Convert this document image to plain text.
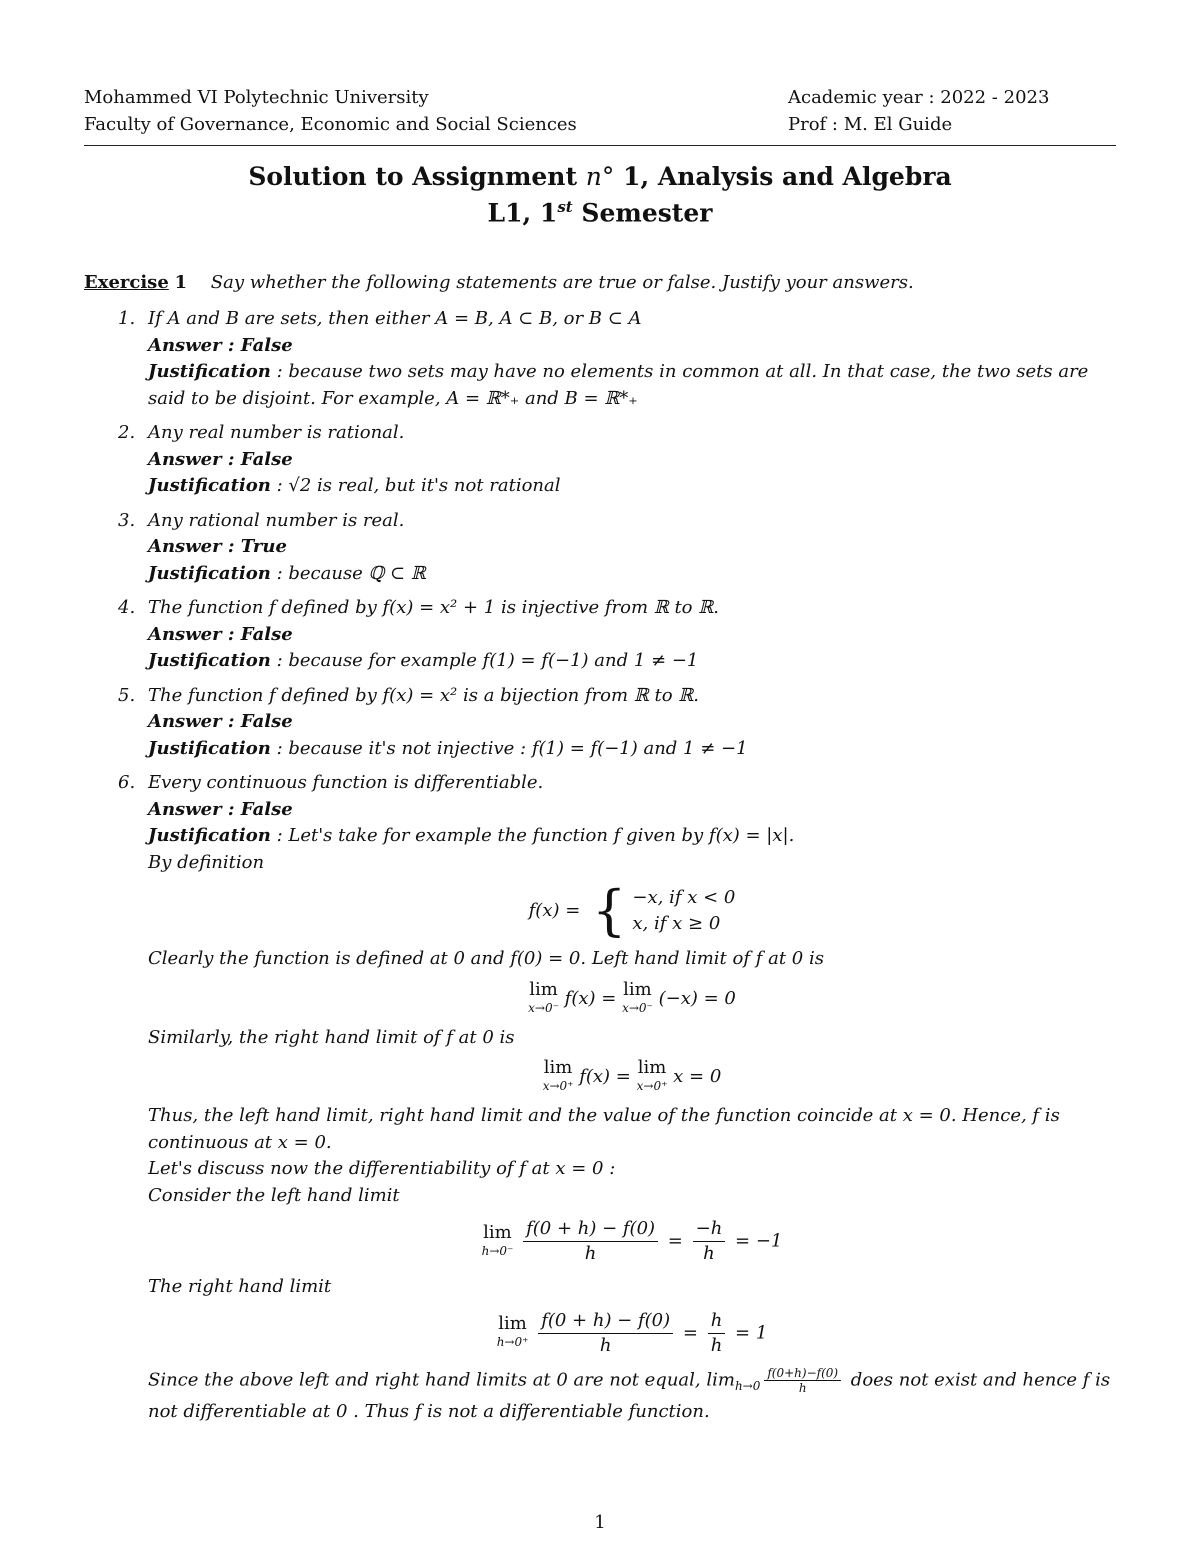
Mohammed VI Polytechnic University
Faculty of Governance, Economic and Social Sciences
Academic year : 2022 - 2023
Prof : M. El Guide
Solution to Assignment n° 1, Analysis and Algebra
L1, 1st Semester
Exercise 1 Say whether the following statements are true or false. Justify your answers.
1. If A and B are sets, then either A = B, A ⊂ B, or B ⊂ A
Answer : False
Justification : because two sets may have no elements in common at all. In that case, the two sets are said to be disjoint. For example, A = ℝ*₊ and B = ℝ*₊
2. Any real number is rational.
Answer : False
Justification : √2 is real, but it's not rational
3. Any rational number is real.
Answer : True
Justification : because ℚ ⊂ ℝ
4. The function f defined by f(x) = x² + 1 is injective from ℝ to ℝ.
Answer : False
Justification : because for example f(1) = f(−1) and 1 ≠ −1
5. The function f defined by f(x) = x² is a bijection from ℝ to ℝ.
Answer : False
Justification : because it's not injective : f(1) = f(−1) and 1 ≠ −1
6. Every continuous function is differentiable.
Answer : False
Justification : Let's take for example the function f given by f(x) = |x|.
By definition
f(x) = { −x, if x < 0
x, if x ≥ 0
Clearly the function is defined at 0 and f(0) = 0. Left hand limit of f at 0 is
lim
x→0⁻ f(x) = lim
x→0⁻ (−x) = 0
Similarly, the right hand limit of f at 0 is
lim
x→0⁺ f(x) = lim
x→0⁺ x = 0
Thus, the left hand limit, right hand limit and the value of the function coincide at x = 0. Hence, f is continuous at x = 0.
Let's discuss now the differentiability of f at x = 0 :
Consider the left hand limit
lim
h→0⁻
$\frac{f(0 + h) - f(0)}{h} = \frac{-h}{h} = -1$
The right hand limit
lim
h→0⁺
$\frac{f(0 + h) - f(0)}{h} = \frac{h}{h} = 1$
Since the above left and right hand limits at 0 are not equal, $\lim_{h\to 0} \frac{f(0+h)-f(0)}{h}$ does not exist and hence f is not differentiable at 0 . Thus f is not a differentiable function.
1
